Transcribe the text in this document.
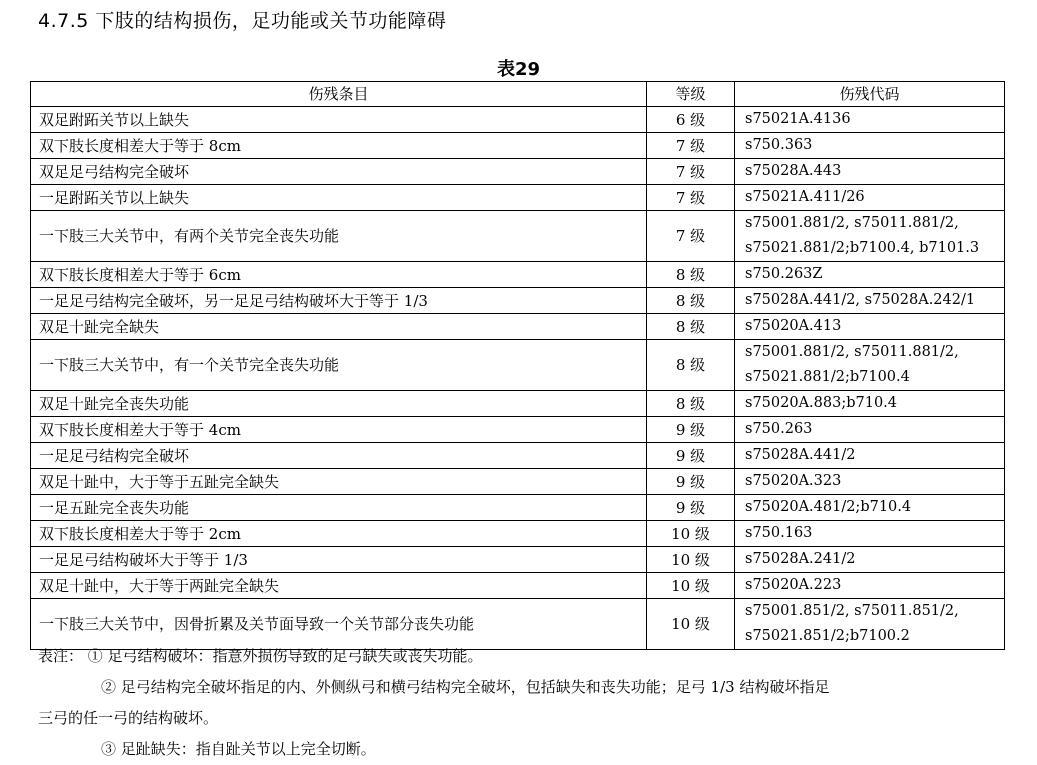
4.7.5 下肢的结构损伤，足功能或关节功能障碍
表29
伤残条目	等级	伤残代码
双足跗跖关节以上缺失	6 级	s75021A.4136

双下肢长度相差大于等于 8cm	7 级	s750.363

双足足弓结构完全破坏	7 级	s75028A.443

一足跗跖关节以上缺失	7 级	s75021A.411/26

一下肢三大关节中，有两个关节完全丧失功能	7 级	s75001.881/2, s75011.881/2,
s75021.881/2;b7100.4, b7101.3

双下肢长度相差大于等于 6cm	8 级	s750.263Z

一足足弓结构完全破坏，另一足足弓结构破坏大于等于 1/3	8 级	s75028A.441/2, s75028A.242/1

双足十趾完全缺失	8 级	s75020A.413

一下肢三大关节中，有一个关节完全丧失功能	8 级	s75001.881/2, s75011.881/2,
s75021.881/2;b7100.4

双足十趾完全丧失功能	8 级	s75020A.883;b710.4

双下肢长度相差大于等于 4cm	9 级	s750.263

一足足弓结构完全破坏	9 级	s75028A.441/2

双足十趾中，大于等于五趾完全缺失	9 级	s75020A.323

一足五趾完全丧失功能	9 级	s75020A.481/2;b710.4

双下肢长度相差大于等于 2cm	10 级	s750.163

一足足弓结构破坏大于等于 1/3	10 级	s75028A.241/2

双足十趾中，大于等于两趾完全缺失	10 级	s75020A.223

一下肢三大关节中，因骨折累及关节面导致一个关节部分丧失功能	10 级	s75001.851/2, s75011.851/2,
s75021.851/2;b7100.2

表注： ① 足弓结构破坏：指意外损伤导致的足弓缺失或丧失功能。

② 足弓结构完全破坏指足的内、外侧纵弓和横弓结构完全破坏，包括缺失和丧失功能；足弓 1/3 结构破坏指足

三弓的任一弓的结构破坏。

③ 足趾缺失：指自趾关节以上完全切断。
